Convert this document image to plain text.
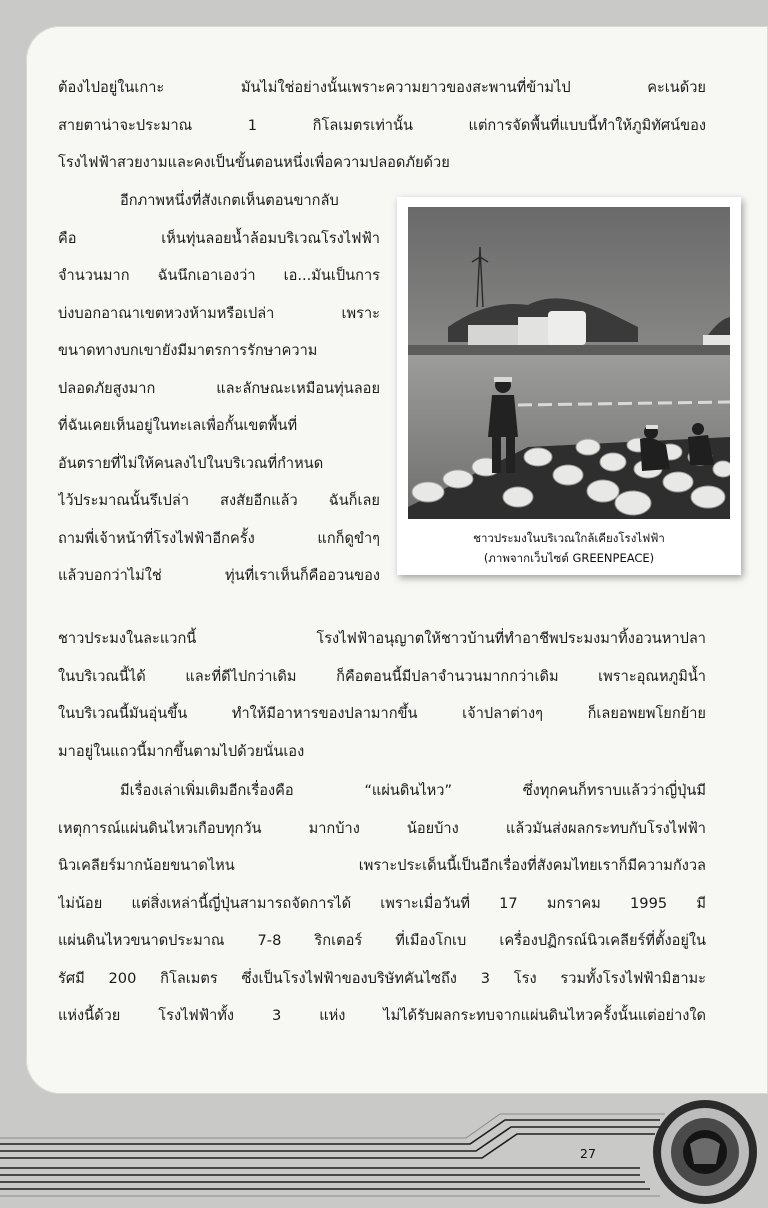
ต้องไปอยู่ในเกาะ มันไม่ใช่อย่างนั้นเพราะความยาวของสะพานที่ข้ามไป คะเนด้วย
สายตาน่าจะประมาณ 1 กิโลเมตรเท่านั้น แต่การจัดพื้นที่แบบนี้ทำให้ภูมิทัศน์ของ
โรงไฟฟ้าสวยงามและคงเป็นขั้นตอนหนึ่งเพื่อความปลอดภัยด้วย
อีกภาพหนึ่งที่สังเกตเห็นตอนขากลับ
คือ เห็นทุ่นลอยน้ำล้อมบริเวณโรงไฟฟ้า
จำนวนมาก ฉันนึกเอาเองว่า เอ...มันเป็นการ
บ่งบอกอาณาเขตหวงห้ามหรือเปล่า เพราะ
ขนาดทางบกเขายังมีมาตรการรักษาความ
ปลอดภัยสูงมาก และลักษณะเหมือนทุ่นลอย
ที่ฉันเคยเห็นอยู่ในทะเลเพื่อกั้นเขตพื้นที่
อันตรายที่ไม่ให้คนลงไปในบริเวณที่กำหนด
ไว้ประมาณนั้นรึเปล่า สงสัยอีกแล้ว ฉันก็เลย
ถามพี่เจ้าหน้าที่โรงไฟฟ้าอีกครั้ง แกก็ดูขำๆ
แล้วบอกว่าไม่ใช่ ทุ่นที่เราเห็นก็คืออวนของ
ชาวประมงในบริเวณใกล้เคียงโรงไฟฟ้า
(ภาพจากเว็บไซต์ GREENPEACE)
ชาวประมงในละแวกนี้ โรงไฟฟ้าอนุญาตให้ชาวบ้านที่ทำอาชีพประมงมาทิ้งอวนหาปลา
ในบริเวณนี้ได้ และที่ดีไปกว่าเดิม ก็คือตอนนี้มีปลาจำนวนมากกว่าเดิม เพราะอุณหภูมิน้ำ
ในบริเวณนี้มันอุ่นขึ้น ทำให้มีอาหารของปลามากขึ้น เจ้าปลาต่างๆ ก็เลยอพยพโยกย้าย
มาอยู่ในแถวนี้มากขึ้นตามไปด้วยนั่นเอง
มีเรื่องเล่าเพิ่มเติมอีกเรื่องคือ “แผ่นดินไหว” ซึ่งทุกคนก็ทราบแล้วว่าญี่ปุ่นมี
เหตุการณ์แผ่นดินไหวเกือบทุกวัน มากบ้าง น้อยบ้าง แล้วมันส่งผลกระทบกับโรงไฟฟ้า
นิวเคลียร์มากน้อยขนาดไหน เพราะประเด็นนี้เป็นอีกเรื่องที่สังคมไทยเราก็มีความกังวล
ไม่น้อย แต่สิ่งเหล่านี้ญี่ปุ่นสามารถจัดการได้ เพราะเมื่อวันที่ 17 มกราคม 1995 มี
แผ่นดินไหวขนาดประมาณ 7-8 ริกเตอร์ ที่เมืองโกเบ เครื่องปฏิกรณ์นิวเคลียร์ที่ตั้งอยู่ใน
รัศมี 200 กิโลเมตร ซึ่งเป็นโรงไฟฟ้าของบริษัทคันไซถึง 3 โรง รวมทั้งโรงไฟฟ้ามิฮามะ
แห่งนี้ด้วย โรงไฟฟ้าทั้ง 3 แห่ง ไม่ได้รับผลกระทบจากแผ่นดินไหวครั้งนั้นแต่อย่างใด
27
